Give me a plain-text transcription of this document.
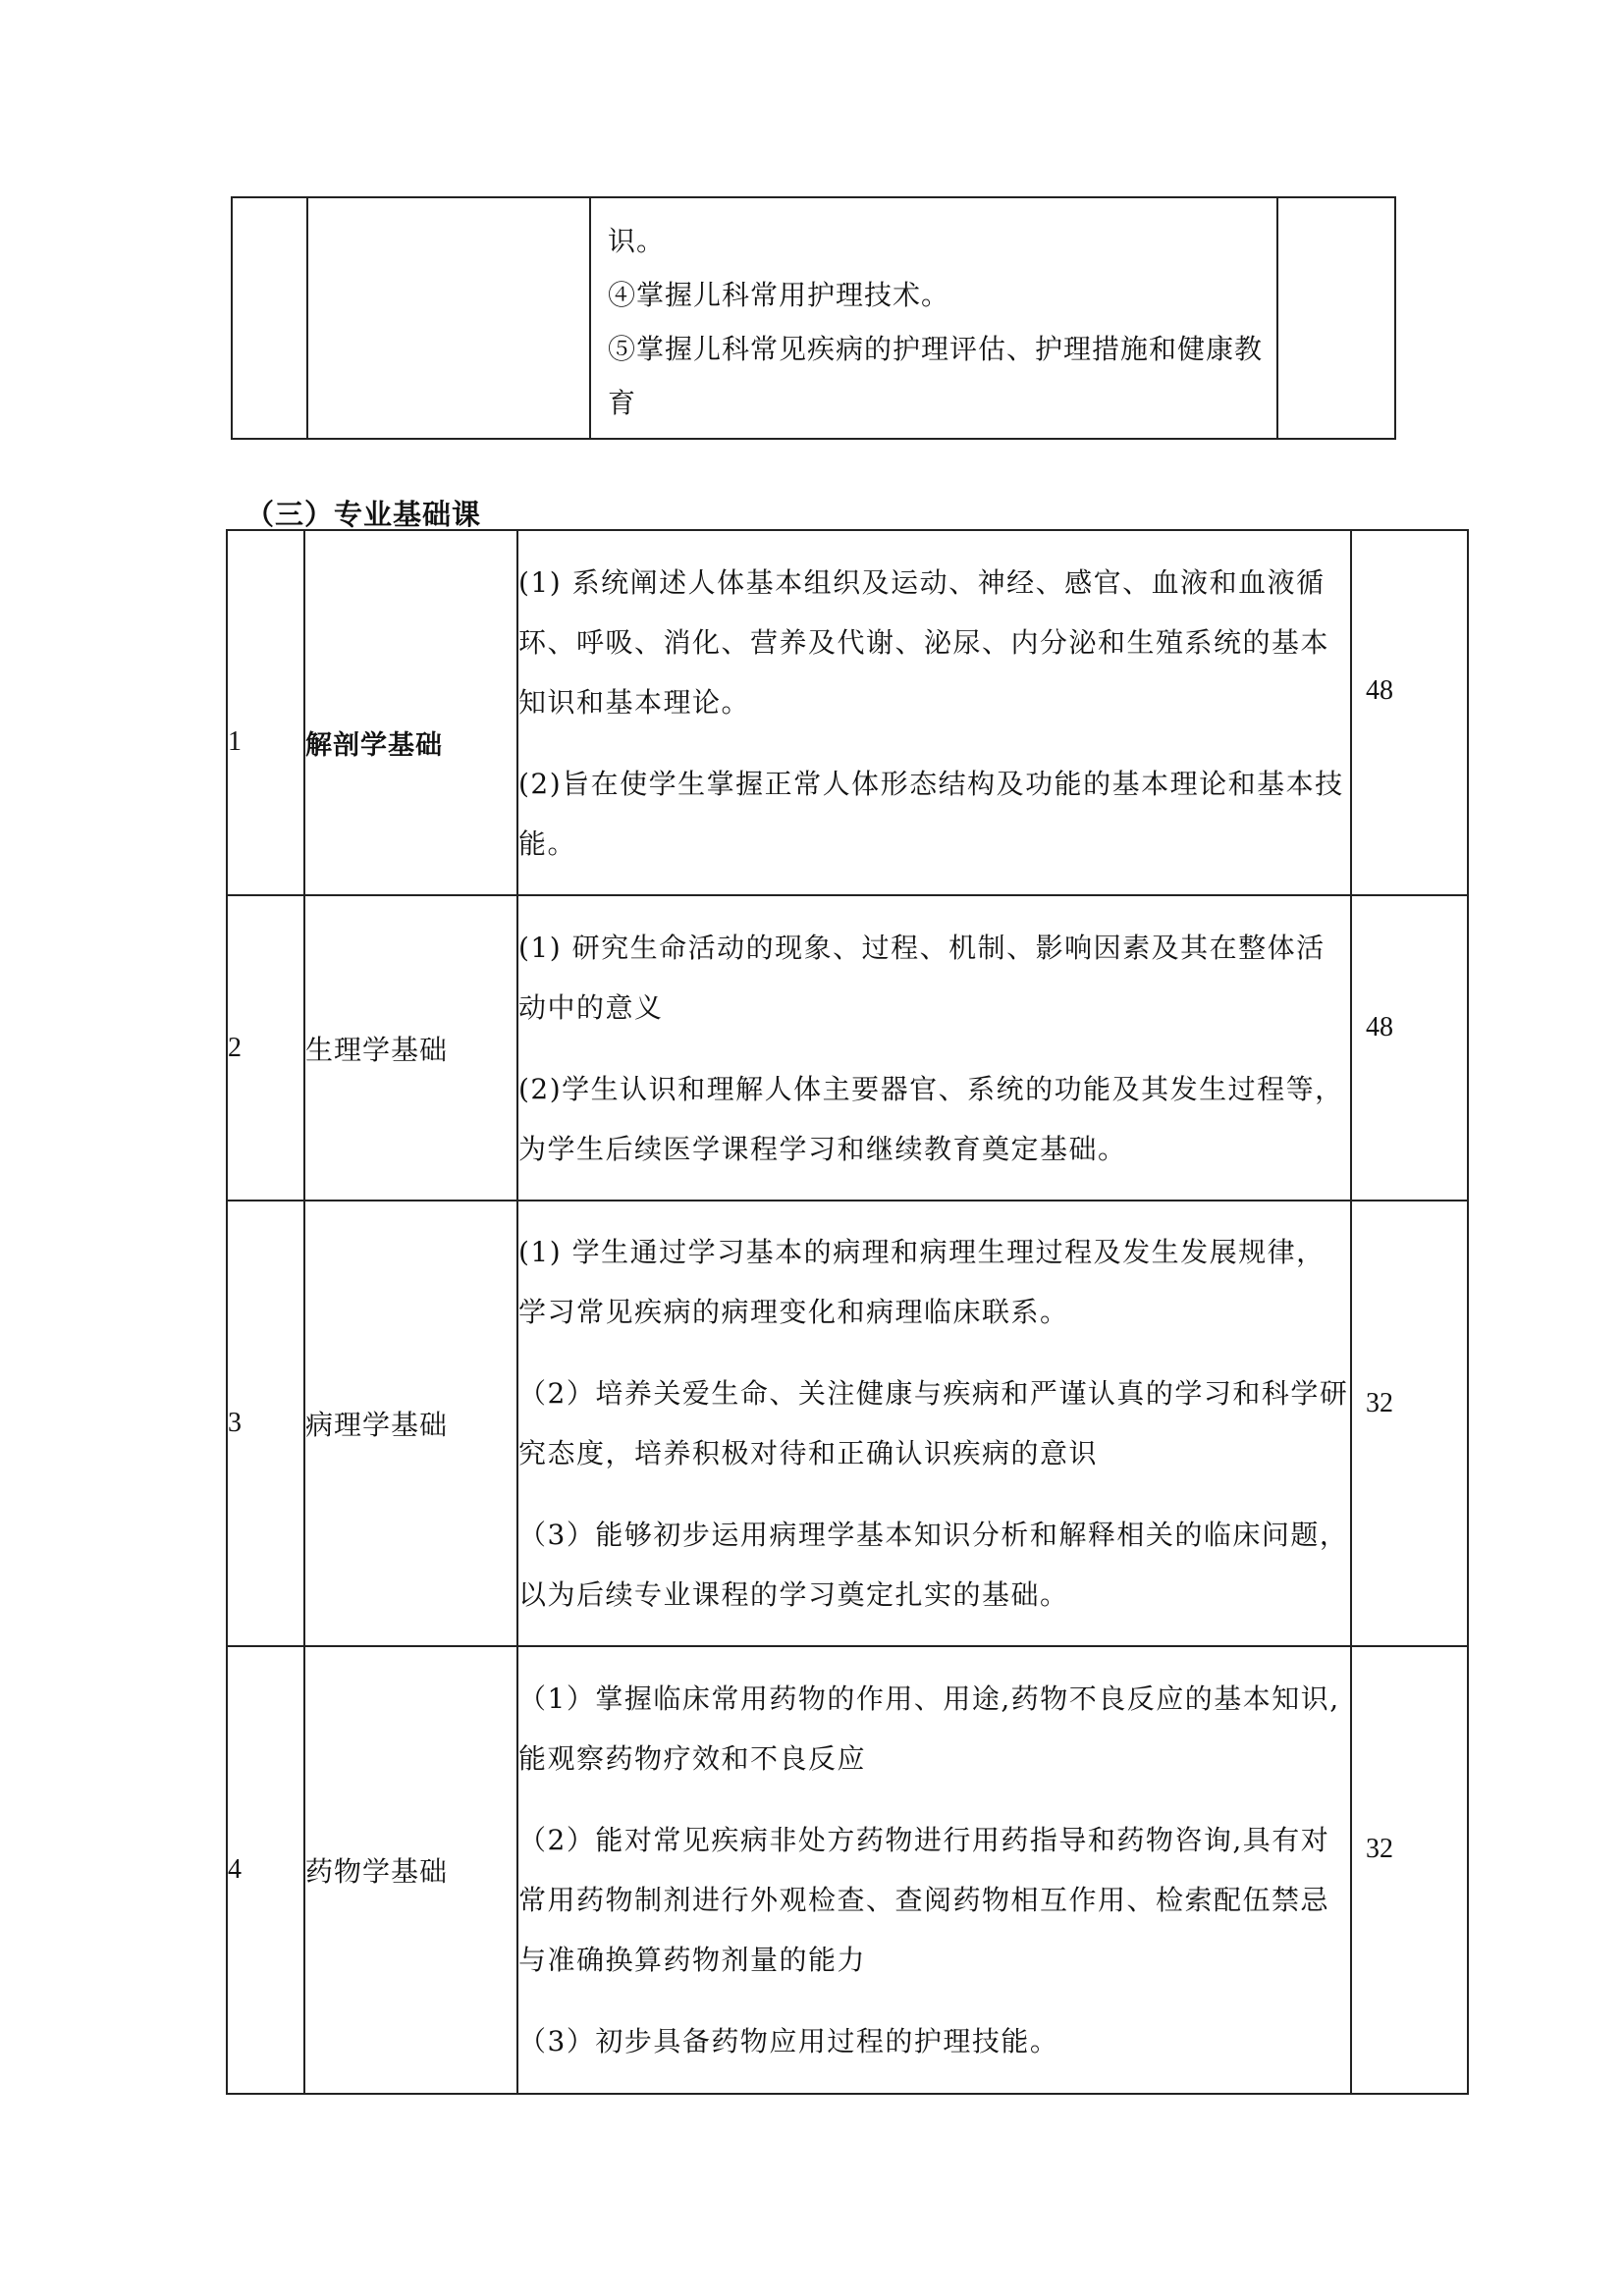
识。
④掌握儿科常用护理技术。
⑤掌握儿科常见疾病的护理评估、护理措施和健康教
育

（三）专业基础课
1	解剖学基础	(1) 系统阐述人体基本组织及运动、神经、感官、血液和血液循环、呼吸、消化、营养及代谢、泌尿、内分泌和生殖系统的基本知识和基本理论。

(2)旨在使学生掌握正常人体形态结构及功能的基本理论和基本技能。	48

2	生理学基础	(1) 研究生命活动的现象、过程、机制、影响因素及其在整体活动中的意义

(2)学生认识和理解人体主要器官、系统的功能及其发生过程等，为学生后续医学课程学习和继续教育奠定基础。	48

3	病理学基础	(1) 学生通过学习基本的病理和病理生理过程及发生发展规律，学习常见疾病的病理变化和病理临床联系。

（2）培养关爱生命、关注健康与疾病和严谨认真的学习和科学研究态度，培养积极对待和正确认识疾病的意识

（3）能够初步运用病理学基本知识分析和解释相关的临床问题，以为后续专业课程的学习奠定扎实的基础。	32

4	药物学基础	（1）掌握临床常用药物的作用、用途,药物不良反应的基本知识,能观察药物疗效和不良反应

（2）能对常见疾病非处方药物进行用药指导和药物咨询,具有对常用药物制剂进行外观检查、查阅药物相互作用、检索配伍禁忌与准确换算药物剂量的能力

（3）初步具备药物应用过程的护理技能。	32
